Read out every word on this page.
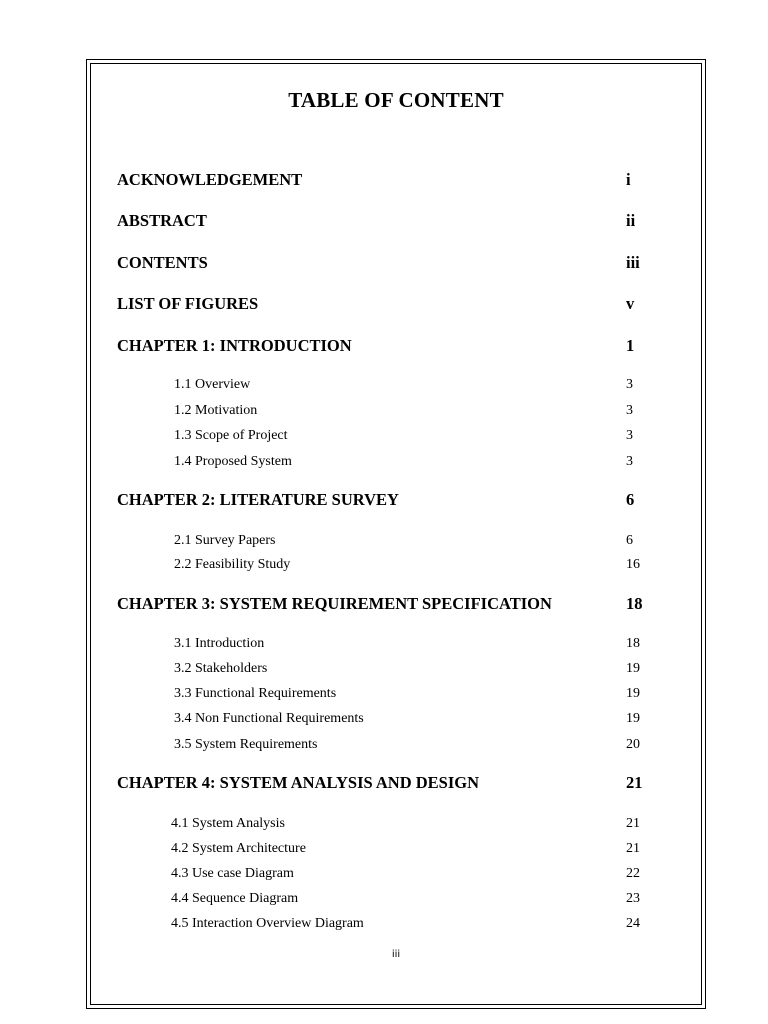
TABLE OF CONTENT
ACKNOWLEDGEMENT	i
ABSTRACT	ii
CONTENTS	iii
LIST OF FIGURES	v
CHAPTER 1: INTRODUCTION	1
1.1 Overview	3
1.2 Motivation	3
1.3 Scope of Project	3
1.4 Proposed System	3
CHAPTER 2: LITERATURE SURVEY	6
2.1 Survey Papers	6
2.2 Feasibility Study	16
CHAPTER 3: SYSTEM REQUIREMENT SPECIFICATION	18
3.1 Introduction	18
3.2 Stakeholders	19
3.3 Functional Requirements	19
3.4 Non Functional Requirements	19
3.5 System Requirements	20
CHAPTER 4: SYSTEM ANALYSIS AND DESIGN	21
4.1 System Analysis	21
4.2 System Architecture	21
4.3 Use case Diagram	22
4.4 Sequence Diagram	23
4.5 Interaction Overview Diagram	24
iii
